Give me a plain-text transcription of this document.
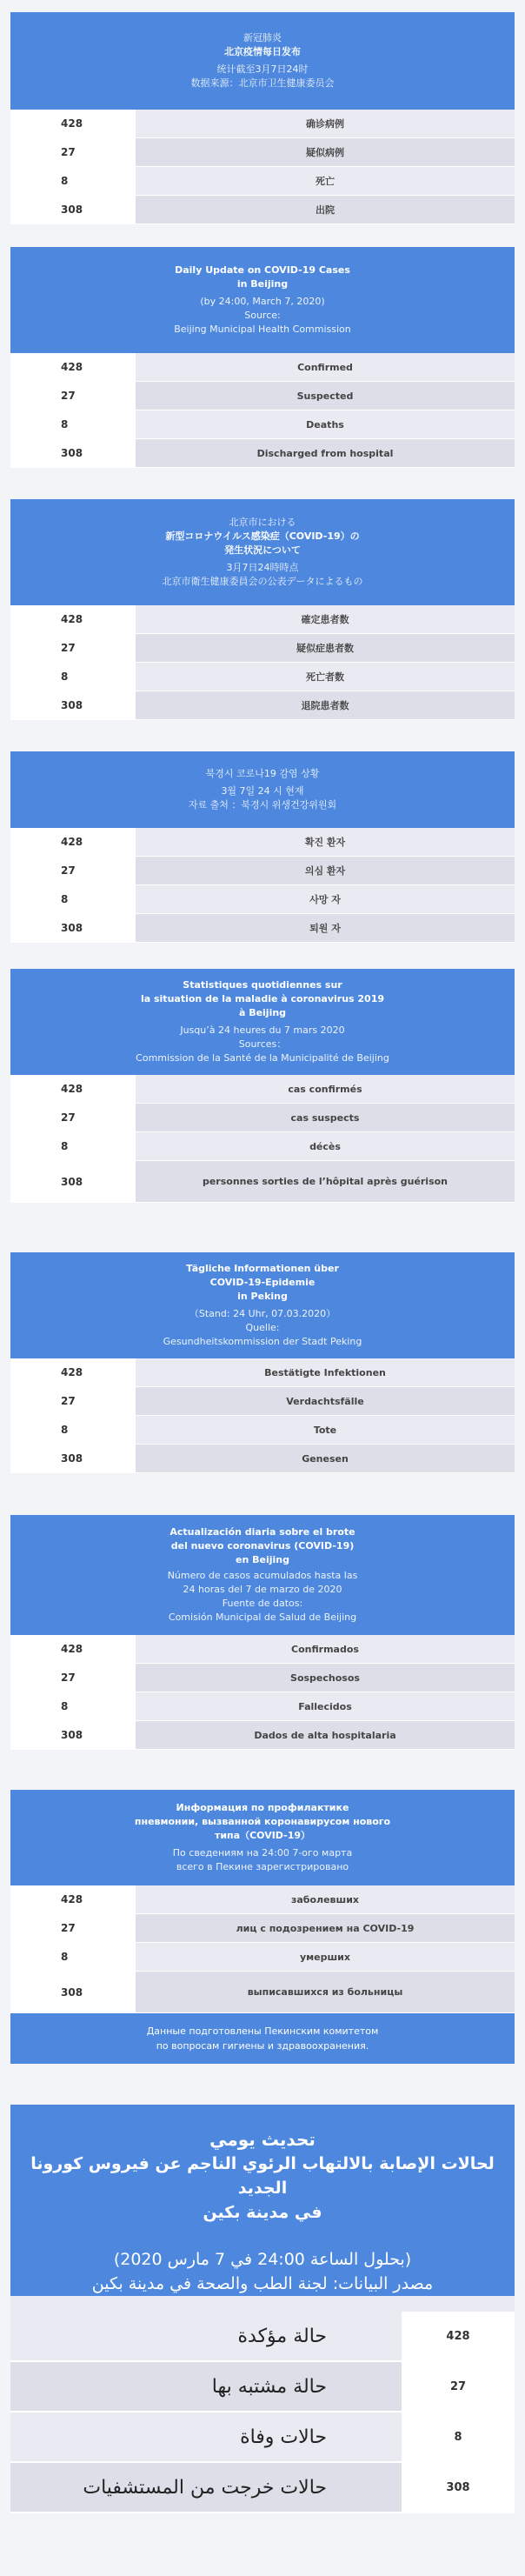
新冠肺炎
北京疫情每日发布
统计截至3月7日24时
数据来源：北京市卫生健康委员会
428	确诊病例
27	疑似病例
8	死亡
308	出院
Daily Update on COVID-19 Cases
in Beijing
(by 24:00, March 7, 2020)
Source:
Beijing Municipal Health Commission
428	Confirmed
27	Suspected
8	Deaths
308	Discharged from hospital
北京市における
新型コロナウイルス感染症（COVID-19）の
発生状況について
3月7日24時時点
北京市衛生健康委員会の公表データによるもの
428	確定患者数
27	疑似症患者数
8	死亡者数
308	退院患者数
북경시 코로나19 감염 상황
3월 7일 24 시 현재
자료 출처 ：북경시 위생건강위원회
428	확진 환자
27	의심 환자
8	사망 자
308	퇴원 자
Statistiques quotidiennes sur
la situation de la maladie à coronavirus 2019
à Beijing
Jusqu’à 24 heures du 7 mars 2020
Sources：
Commission de la Santé de la Municipalité de Beijing
428	cas confirmés
27	cas suspects
8	décès
308	personnes sorties de l’hôpital après guérison
Tägliche Informationen über
COVID-19-Epidemie
in Peking
（Stand: 24 Uhr, 07.03.2020）
Quelle:
Gesundheitskommission der Stadt Peking
428	Bestätigte Infektionen
27	Verdachtsfälle
8	Tote
308	Genesen
Actualización diaria sobre el brote
del nuevo coronavirus (COVID-19)
en Beijing
Número de casos acumulados hasta las
24 horas del 7 de marzo de 2020
Fuente de datos:
Comisión Municipal de Salud de Beijing
428	Confirmados
27	Sospechosos
8	Fallecidos
308	Dados de alta hospitalaria
Информация по профилактике
пневмонии, вызванной коронавирусом нового
типа（COVID-19）
По сведениям на 24:00 7-ого марта
всего в Пекине зарегистрировано
428	заболевших
27	лиц с подозрением на COVID-19
8	умерших
308	выписавшихся из больницы
Данные подготовлены Пекинским комитетом
по вопросам гигиены и здравоохранения.
تحديث يومي
لحالات الإصابة بالالتهاب الرئوي الناجم عن فيروس كورونا الجديد
في مدينة بكين
(بحلول الساعة 24:00 في 7 مارس 2020)
مصدر البيانات: لجنة الطب والصحة في مدينة بكين
حالة مؤكدة	428
حالة مشتبه بها	27
حالات وفاة	8
حالات خرجت من المستشفيات	308
